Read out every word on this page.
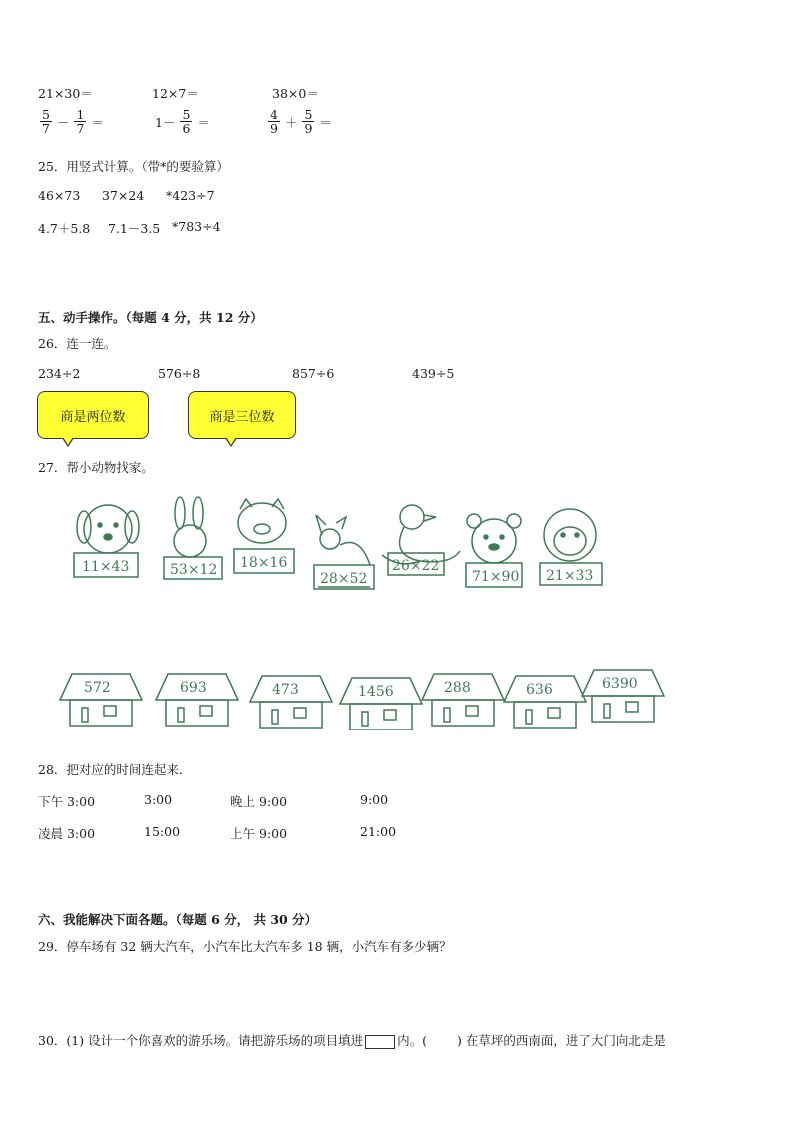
21×30＝	12×7＝	38×0＝
$\frac{5}{7} - \frac{1}{7}$ ＝	$1- \frac{5}{6}$ ＝	$\frac{4}{9} + \frac{5}{9}$ ＝
25．用竖式计算。（带*的要验算）
46×73 37×24 *423÷7
4.7＋5.8 7.1－3.5 *783÷4
五、动手操作。（每题 4 分，共 12 分）
26．连一连。
234÷2	576÷8	857÷6	439÷5
商是两位数	商是三位数
27．帮小动物找家。
11×43	53×12 18×16
28×52
26×22
71×90 21×33
572	693	473	1456	288	636	6390
28．把对应的时间连起来．
下午 3:00	3:00	晚上 9:00	9:00
凌晨 3:00	15:00	上午 9:00	21:00
六、我能解决下面各题。（每题 6 分， 共 30 分）
29．停车场有 32 辆大汽车，小汽车比大汽车多 18 辆，小汽车有多少辆？
30．(1) 设计一个你喜欢的游乐场。请把游乐场的项目填进	内。( ) 在草坪的西南面，进了大门向北走是
